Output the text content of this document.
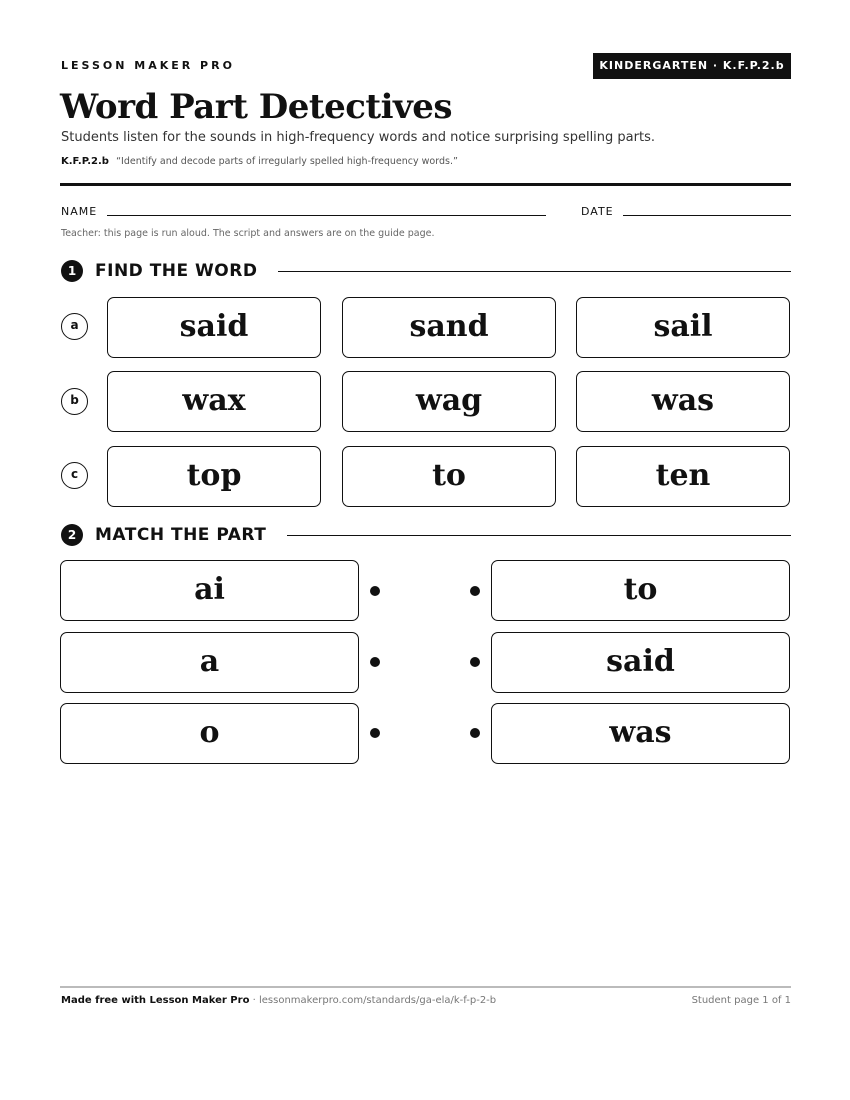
LESSON MAKER PRO	KINDERGARTEN · K.F.P.2.b
Word Part Detectives

Students listen for the sounds in high-frequency words and notice surprising spelling parts.

K.F.P.2.b “Identify and decode parts of irregularly spelled high-frequency words.”

NAME	DATE
Teacher: this page is run aloud. The script and answers are on the guide page.
1	FIND THE WORD
a	said	sand	sail
b	wax	wag	was
c	top	to	ten
2	MATCH THE PART
ai	to
a	said
o	was
Made free with Lesson Maker Pro · lessonmakerpro.com/standards/ga-ela/k-f-p-2-b	Student page 1 of 1
